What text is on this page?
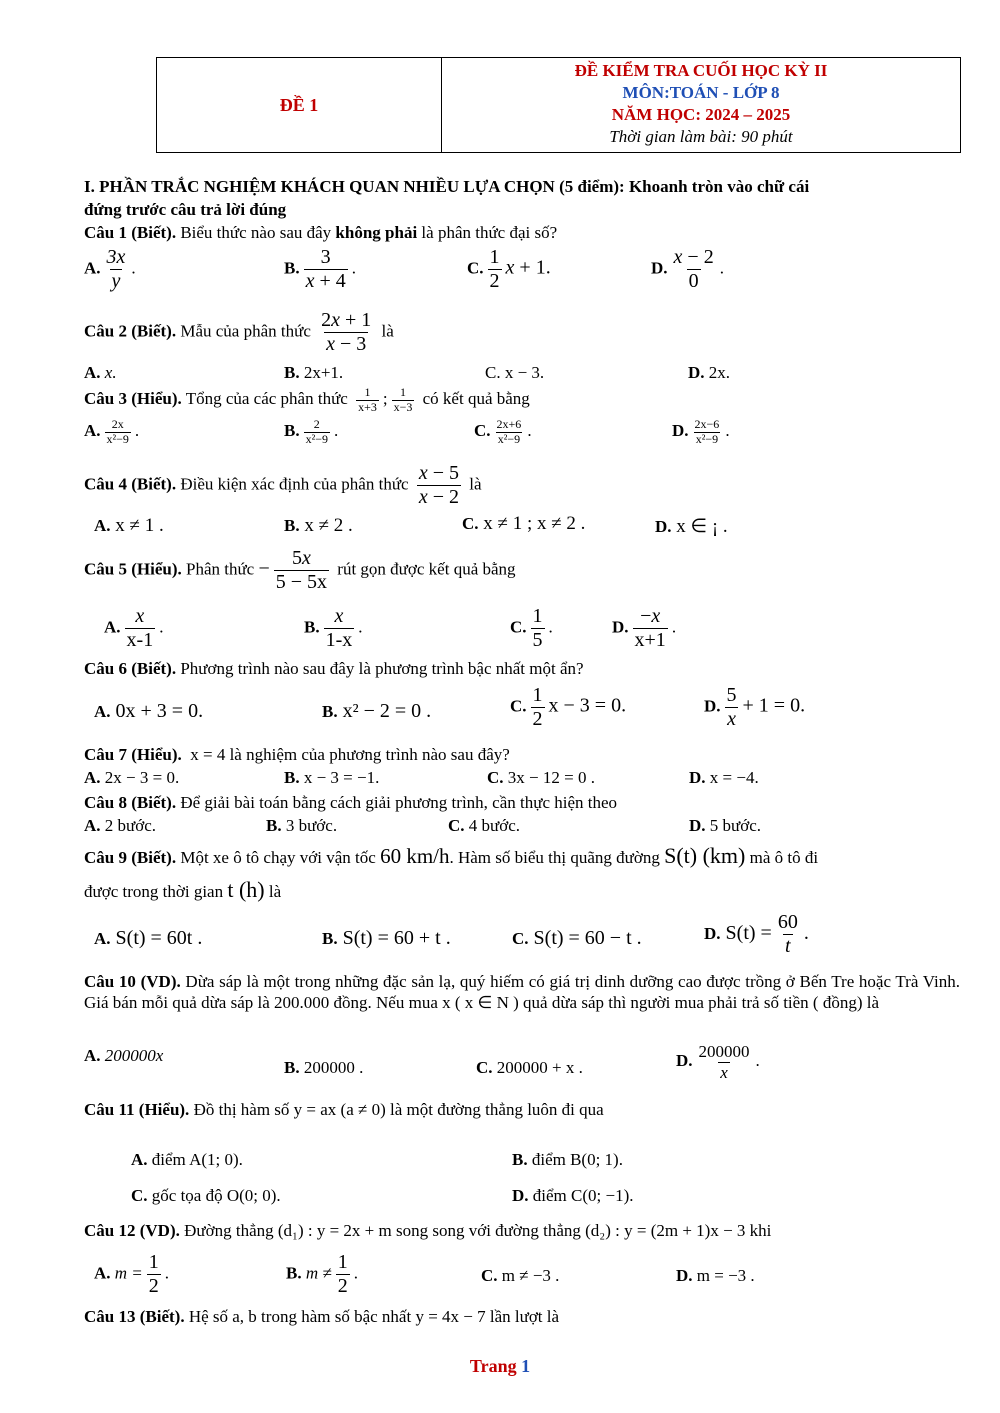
ĐỀ 1
ĐỀ KIỂM TRA CUỐI HỌC KỲ II
MÔN:TOÁN - LỚP 8
NĂM HỌC: 2024 – 2025
Thời gian làm bài: 90 phút
I. PHẦN TRẮC NGHIỆM KHÁCH QUAN NHIỀU LỰA CHỌN (5 điểm): Khoanh tròn vào chữ cái
đứng trước câu trả lời đúng
Câu 1 (Biết). Biểu thức nào sau đây không phải là phân thức đại số?
A. $\frac{3x}{y}$ .	B. $\frac{3}{x + 4}$ .	C. $\frac{1}{2}$ x + 1.	D. $\frac{x - 2}{0}$ .
Câu 2 (Biết). Mẫu của phân thức $\frac{2x + 1}{x - 3}$ là
A. x.	B. 2x+1.	C. x − 3.	D. 2x.
Câu 3 (Hiểu). Tổng của các phân thức $\frac{1}{x+3}$ ; $\frac{1}{x-3}$ có kết quả bằng
A. $\frac{2x}{\text{x²−9}}$ .	B. $\frac{2}{\text{x²−9}}$ .	C. $\frac{2x+6}{\text{x²−9}}$ .	D. $\frac{2x-6}{\text{x²−9}}$ .
Câu 4 (Biết). Điều kiện xác định của phân thức $\frac{x - 5}{x - 2}$ là
A. x ≠ 1 .	B. x ≠ 2 .	C. x ≠ 1 ; x ≠ 2 .	D. x ∈ ¡ .
Câu 5 (Hiểu). Phân thức − $\frac{5x}{5 - 5x}$ rút gọn được kết quả bằng
A. $\frac{x}{x-1}$ .	B. $\frac{x}{1-x}$ .	C. $\frac{1}{5}$ .	D. $\frac{-x}{x+1}$ .
Câu 6 (Biết). Phương trình nào sau đây là phương trình bậc nhất một ẩn?
A. 0x + 3 = 0.	B. x² − 2 = 0 .	C. $\frac{1}{2}$ x − 3 = 0.	D. $\frac{5}{x} + 1 = 0$.
Câu 7 (Hiểu). x = 4 là nghiệm của phương trình nào sau đây?
A. 2x − 3 = 0.	B. x − 3 = −1.	C. 3x − 12 = 0 .	D. x = −4.
Câu 8 (Biết). Để giải bài toán bằng cách giải phương trình, cần thực hiện theo
A. 2 bước.	B. 3 bước.	C. 4 bước.	D. 5 bước.
Câu 9 (Biết). Một xe ô tô chạy với vận tốc 60 km/h. Hàm số biểu thị quãng đường S(t) (km) mà ô tô đi
được trong thời gian t (h) là
A. S(t) = 60t .	B. S(t) = 60 + t .	C. S(t) = 60 − t .	D. $S(t) = \frac{60}{t}$ .
Câu 10 (VD). Dừa sáp là một trong những đặc sản lạ, quý hiếm có giá trị dinh dưỡng cao được trồng ở Bến Tre hoặc Trà Vinh. Giá bán mỗi quả dừa sáp là 200.000 đồng. Nếu mua x ( x ∈ N ) quả dừa sáp thì người mua phải trả số tiền ( đồng) là
A. 200000x
B. 200000 .	C. 200000 + x .	D. $\frac{200000}{x}$ .
Câu 11 (Hiểu). Đồ thị hàm số y = ax (a ≠ 0) là một đường thẳng luôn đi qua
A. điểm A(1; 0).	B. điểm B(0; 1).
C. gốc tọa độ O(0; 0).	D. điểm C(0; −1).
Câu 12 (VD). Đường thẳng (d₁) : y = 2x + m song song với đường thẳng (d₂) : y = (2m + 1)x − 3 khi
A. $m = \frac{1}{2}$ .	B. $m \ne \frac{1}{2}$ .	C. m ≠ −3 .	D. m = −3 .
Câu 13 (Biết). Hệ số a, b trong hàm số bậc nhất y = 4x − 7 lần lượt là
Trang 1
